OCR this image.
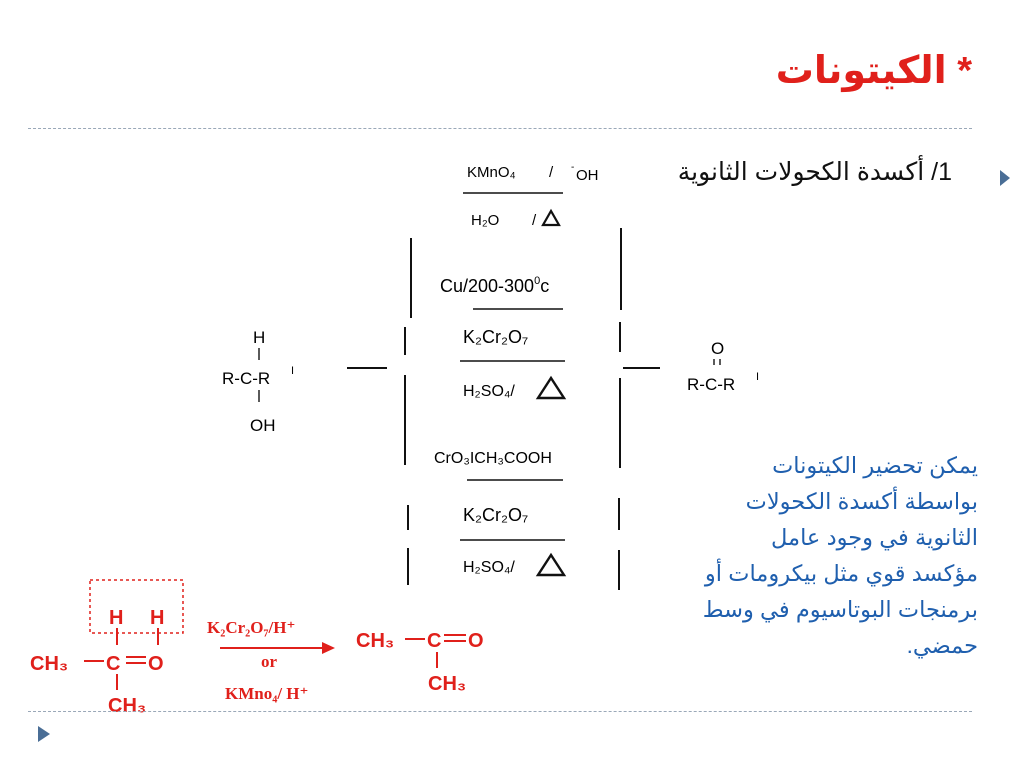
* الكيتونات
1/ أكسدة الكحولات الثانوية
H
R-C-R I
OH
O
R-C-R I
KMnO₄ / - OH
H₂O /
$Cu/200-300^0c$
K₂Cr₂O₇
H₂SO₄/
CrO₃ICH₃COOH
K₂Cr₂O₇
H₂SO₄/
H H
CH₃ C O
CH₃
K₂Cr₂O₇/H⁺
or
KMno₄/ H⁺
CH₃ C O
CH₃
يمكن تحضير الكيتونات بواسطة أكسدة الكحولات الثانوية في وجود عامل مؤكسد قوي مثل بيكرومات أو برمنجات البوتاسيوم في وسط حمضي.
